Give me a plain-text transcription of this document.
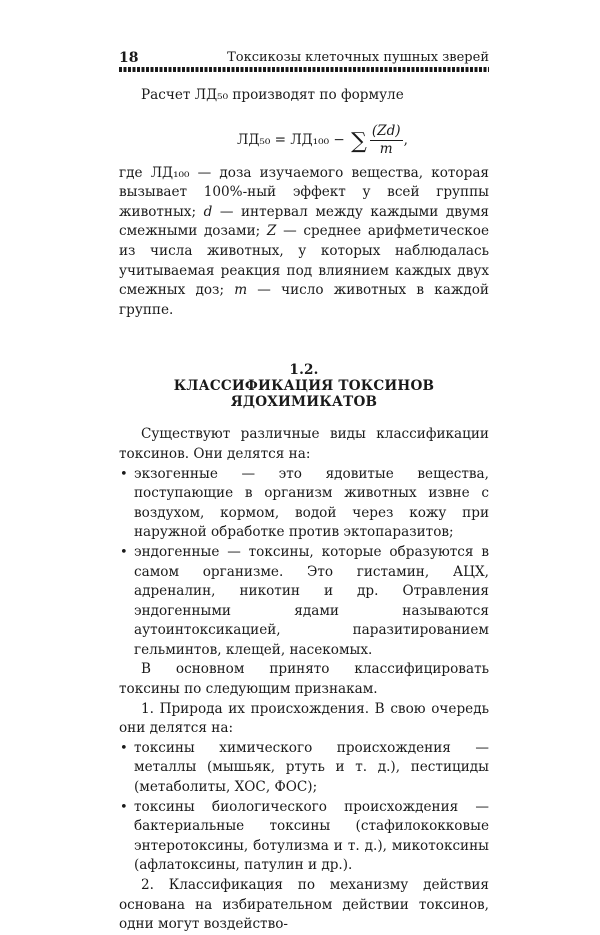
18	Токсикозы клеточных пушных зверей

Расчет ЛД₅₀ производят по формуле

ЛД₅₀ = ЛД₁₀₀ − ∑ $\frac{(Zd)}{m}$ ,

где ЛД₁₀₀ — доза изучаемого вещества, которая вызывает 100%-ный эффект у всей группы животных; d — интервал между каждыми двумя смежными дозами; Z — среднее арифметическое из числа животных, у которых наблюдалась учитываемая реакция под влиянием каждых двух смежных доз; m — число животных в каждой группе.

1.2.
КЛАССИФИКАЦИЯ ТОКСИНОВ
ЯДОХИМИКАТОВ

Существуют различные виды классификации токсинов. Они делятся на:

• экзогенные — это ядовитые вещества, поступающие в организм животных извне с воздухом, кормом, водой через кожу при наружной обработке против эктопаразитов;
• эндогенные — токсины, которые образуются в самом организме. Это гистамин, АЦХ, адреналин, никотин и др. Отравления эндогенными ядами называются аутоинтоксикацией, паразитированием гельминтов, клещей, насекомых.

В основном принято классифицировать токсины по следующим признакам.

1. Природа их происхождения. В свою очередь они делятся на:

• токсины химического происхождения — металлы (мышьяк, ртуть и т. д.), пестициды (метаболиты, ХОС, ФОС);
• токсины биологического происхождения — бактериальные токсины (стафилококковые энтеротоксины, ботулизма и т. д.), микотоксины (афлатоксины, патулин и др.).

2. Классификация по механизму действия основана на избирательном действии токсинов, одни могут воздейство-
